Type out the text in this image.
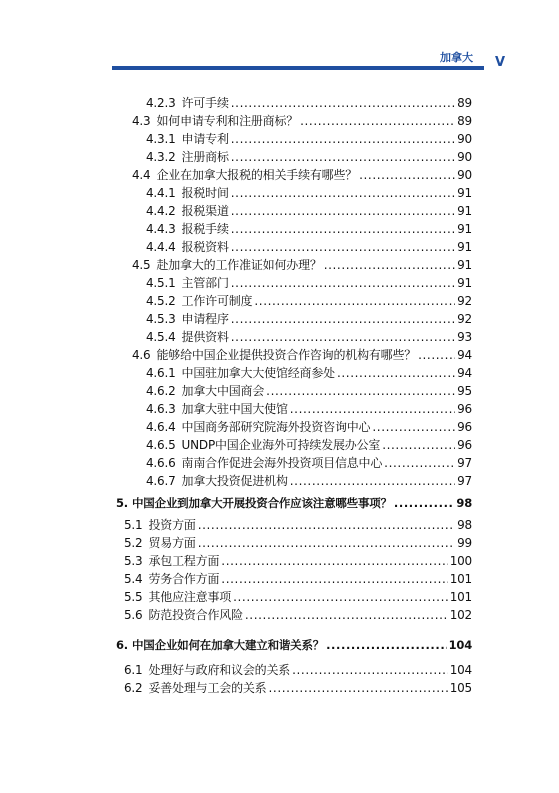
加拿大 V
4.2.3 许可手续 .....	89
4.3 如何申请专利和注册商标？ .....	89
4.3.1 申请专利 .....	90
4.3.2 注册商标 .....	90
4.4 企业在加拿大报税的相关手续有哪些？ .....	90
4.4.1 报税时间 .....	91
4.4.2 报税渠道 .....	91
4.4.3 报税手续 .....	91
4.4.4 报税资料 .....	91
4.5 赴加拿大的工作准证如何办理？ .....	91
4.5.1 主管部门 .....	91
4.5.2 工作许可制度 .....	92
4.5.3 申请程序 .....	92
4.5.4 提供资料 .....	93
4.6 能够给中国企业提供投资合作咨询的机构有哪些？ .....	94
4.6.1 中国驻加拿大大使馆经商参处 .....	94
4.6.2 加拿大中国商会 .....	95
4.6.3 加拿大驻中国大使馆 .....	96
4.6.4 中国商务部研究院海外投资咨询中心 .....	96
4.6.5 UNDP中国企业海外可持续发展办公室 .....	96
4.6.6 南南合作促进会海外投资项目信息中心 .....	97
4.6.7 加拿大投资促进机构 .....	97
5. 中国企业到加拿大开展投资合作应该注意哪些事项？ .....	98
5.1 投资方面 .....	98
5.2 贸易方面 .....	99
5.3 承包工程方面 .....	100
5.4 劳务合作方面 .....	101
5.5 其他应注意事项 .....	101
5.6 防范投资合作风险 .....	102
6. 中国企业如何在加拿大建立和谐关系？ .....	104
6.1 处理好与政府和议会的关系 .....	104
6.2 妥善处理与工会的关系 .....	105
